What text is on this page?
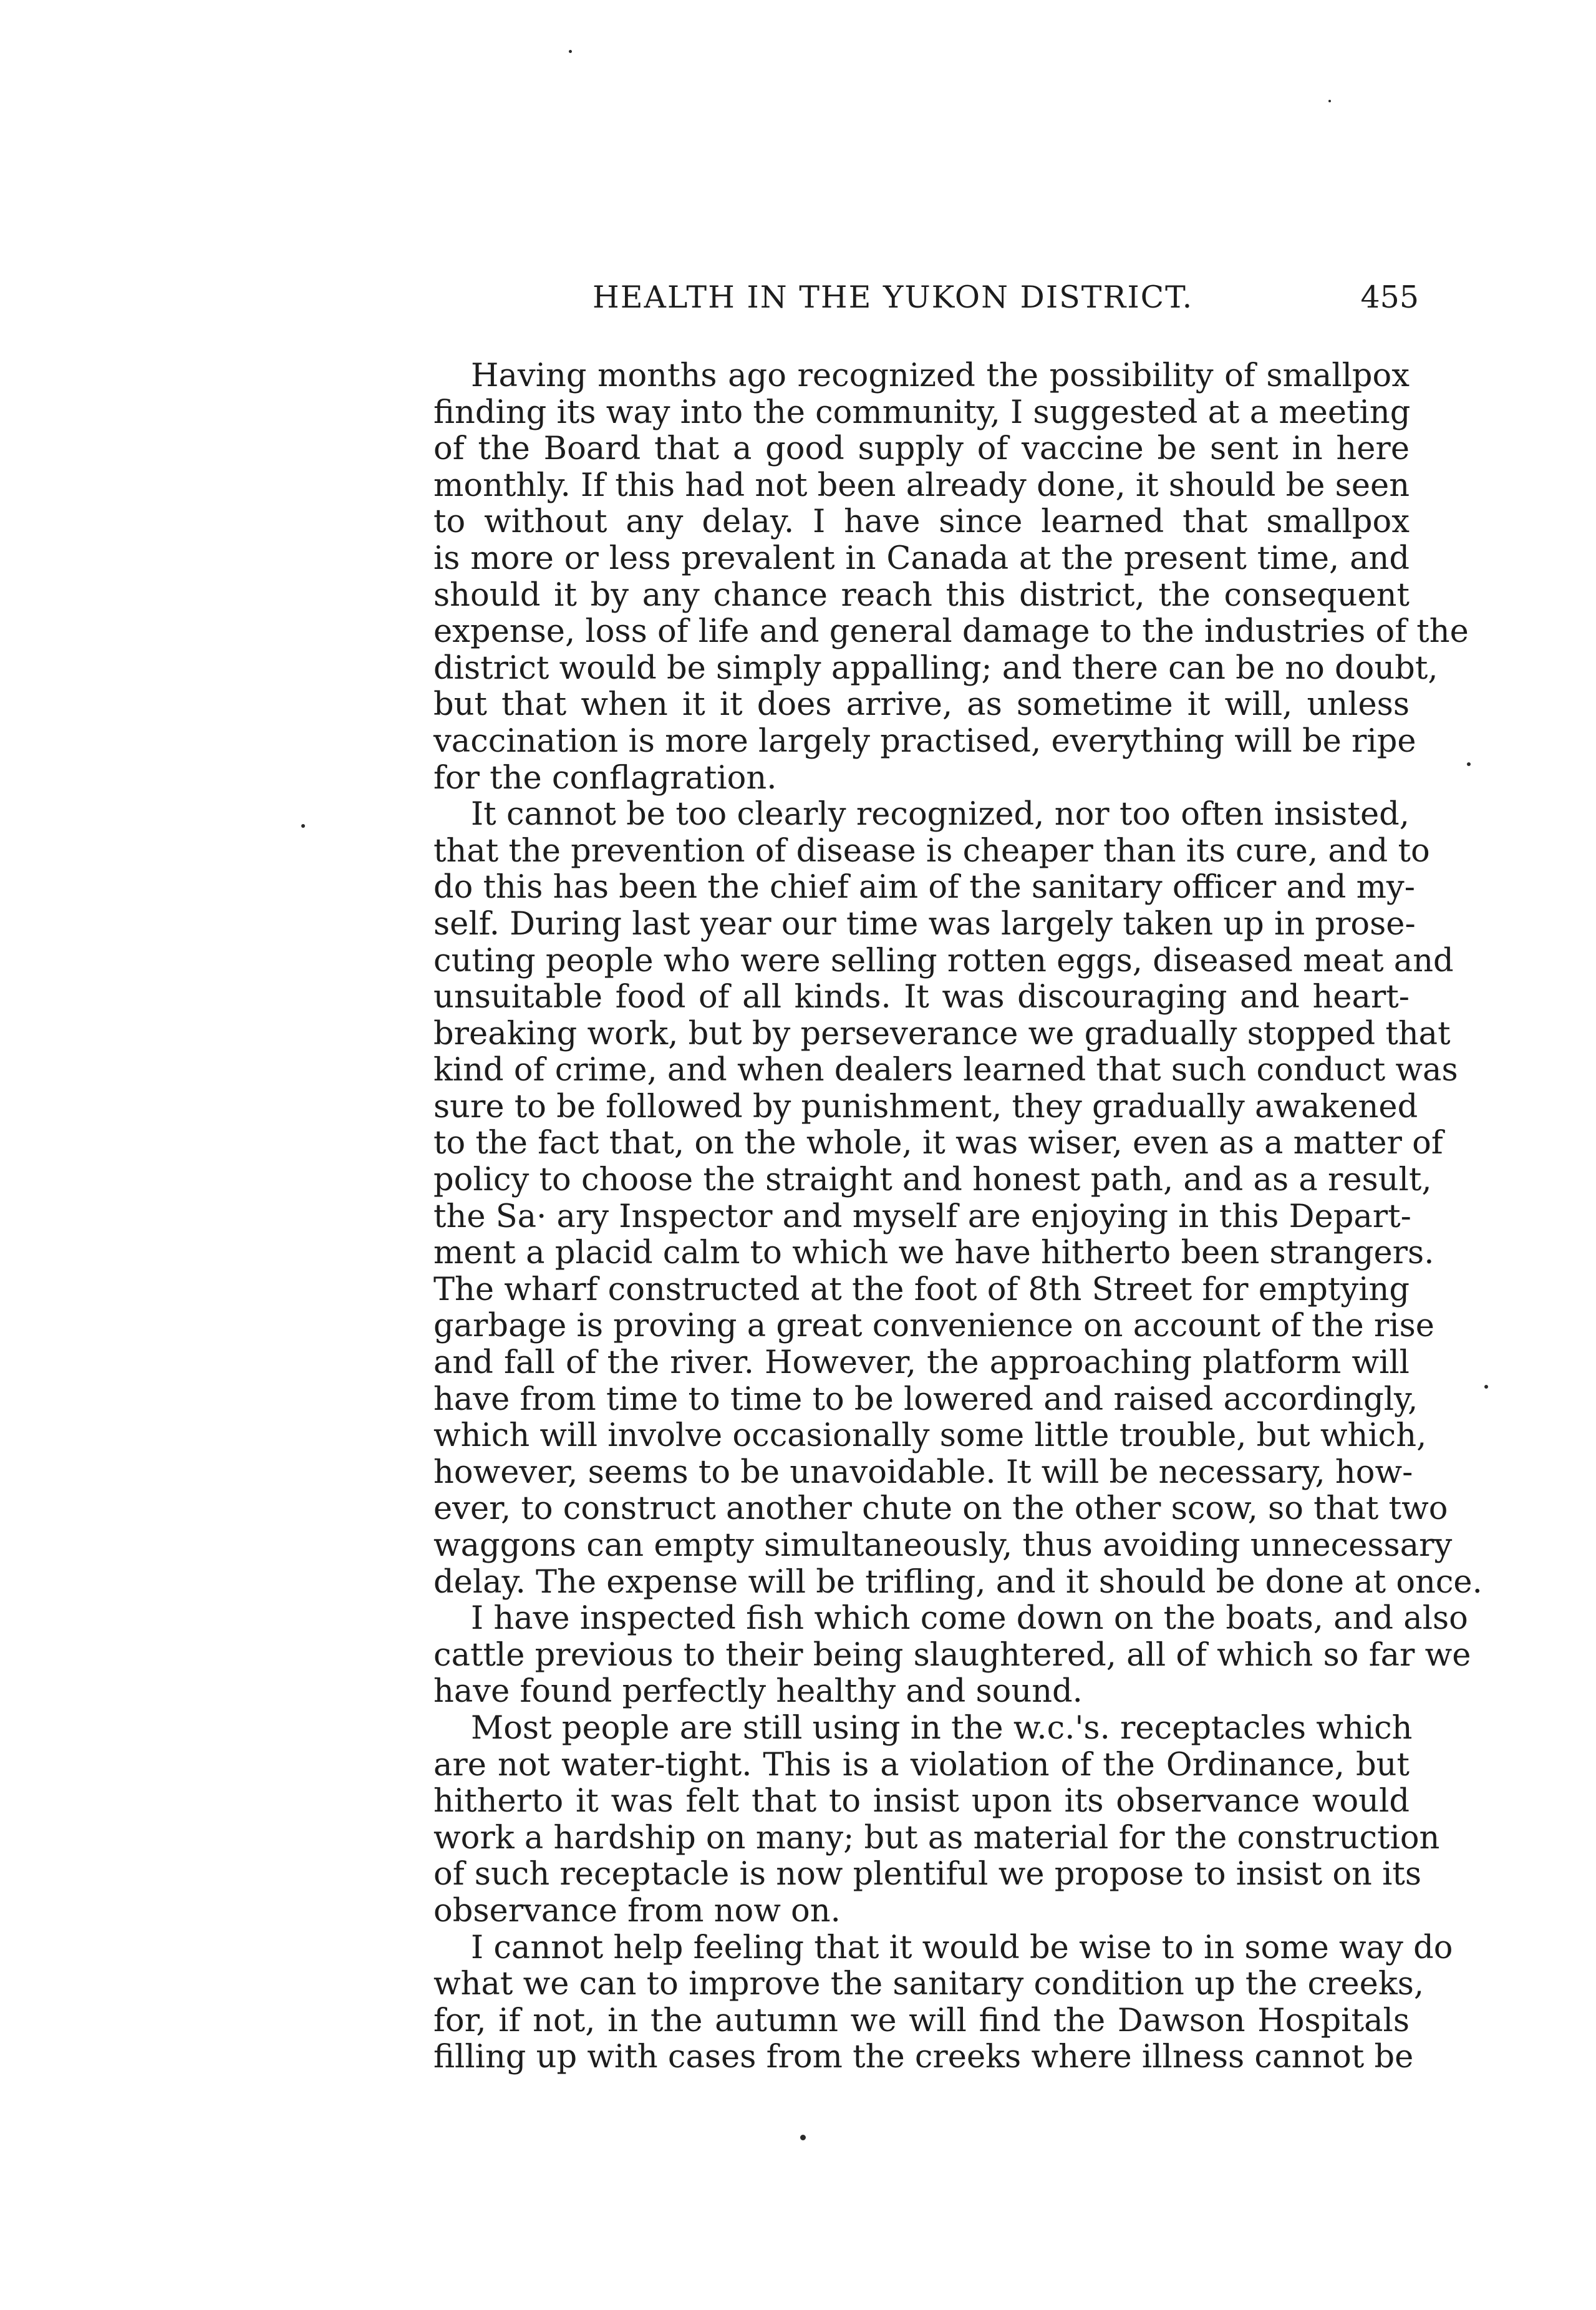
HEALTH IN THE YUKON DISTRICT.	455
Having months ago recognized the possibility of smallpox
finding its way into the community, I suggested at a meeting
of the Board that a good supply of vaccine be sent in here
monthly. If this had not been already done, it should be seen
to without any delay. I have since learned that smallpox
is more or less prevalent in Canada at the present time, and
should it by any chance reach this district, the consequent
expense, loss of life and general damage to the industries of the
district would be simply appalling; and there can be no doubt,
but that when it it does arrive, as sometime it will, unless
vaccination is more largely practised, everything will be ripe
for the conflagration.
It cannot be too clearly recognized, nor too often insisted,
that the prevention of disease is cheaper than its cure, and to
do this has been the chief aim of the sanitary officer and my-
self. During last year our time was largely taken up in prose-
cuting people who were selling rotten eggs, diseased meat and
unsuitable food of all kinds. It was discouraging and heart-
breaking work, but by perseverance we gradually stopped that
kind of crime, and when dealers learned that such conduct was
sure to be followed by punishment, they gradually awakened
to the fact that, on the whole, it was wiser, even as a matter of
policy to choose the straight and honest path, and as a result,
the Sa· ary Inspector and myself are enjoying in this Depart-
ment a placid calm to which we have hitherto been strangers.
The wharf constructed at the foot of 8th Street for emptying
garbage is proving a great convenience on account of the rise
and fall of the river. However, the approaching platform will
have from time to time to be lowered and raised accordingly,
which will involve occasionally some little trouble, but which,
however, seems to be unavoidable. It will be necessary, how-
ever, to construct another chute on the other scow, so that two
waggons can empty simultaneously, thus avoiding unnecessary
delay. The expense will be trifling, and it should be done at once.
I have inspected fish which come down on the boats, and also
cattle previous to their being slaughtered, all of which so far we
have found perfectly healthy and sound.
Most people are still using in the w.c.'s. receptacles which
are not water-tight. This is a violation of the Ordinance, but
hitherto it was felt that to insist upon its observance would
work a hardship on many; but as material for the construction
of such receptacle is now plentiful we propose to insist on its
observance from now on.
I cannot help feeling that it would be wise to in some way do
what we can to improve the sanitary condition up the creeks,
for, if not, in the autumn we will find the Dawson Hospitals
filling up with cases from the creeks where illness cannot be
